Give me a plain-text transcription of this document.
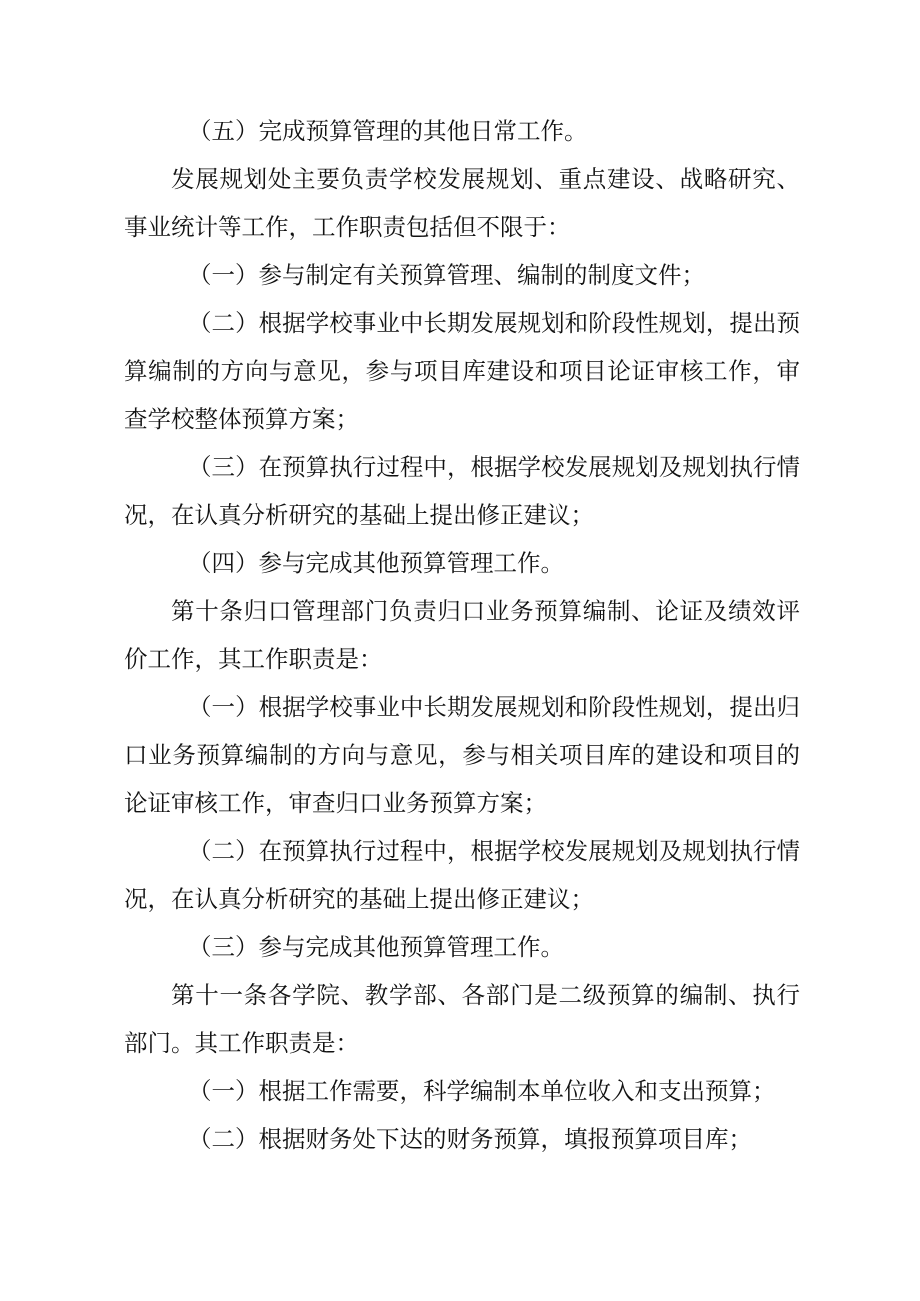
（五）完成预算管理的其他日常工作。

发展规划处主要负责学校发展规划、重点建设、战略研究、事业统计等工作，工作职责包括但不限于：

（一）参与制定有关预算管理、编制的制度文件；

（二）根据学校事业中长期发展规划和阶段性规划，提出预算编制的方向与意见，参与项目库建设和项目论证审核工作，审查学校整体预算方案；

（三）在预算执行过程中，根据学校发展规划及规划执行情况，在认真分析研究的基础上提出修正建议；

（四）参与完成其他预算管理工作。

第十条归口管理部门负责归口业务预算编制、论证及绩效评价工作，其工作职责是：

（一）根据学校事业中长期发展规划和阶段性规划，提出归口业务预算编制的方向与意见，参与相关项目库的建设和项目的论证审核工作，审查归口业务预算方案；

（二）在预算执行过程中，根据学校发展规划及规划执行情况，在认真分析研究的基础上提出修正建议；

（三）参与完成其他预算管理工作。

第十一条各学院、教学部、各部门是二级预算的编制、执行部门。其工作职责是：

（一）根据工作需要，科学编制本单位收入和支出预算；

（二）根据财务处下达的财务预算，填报预算项目库；
